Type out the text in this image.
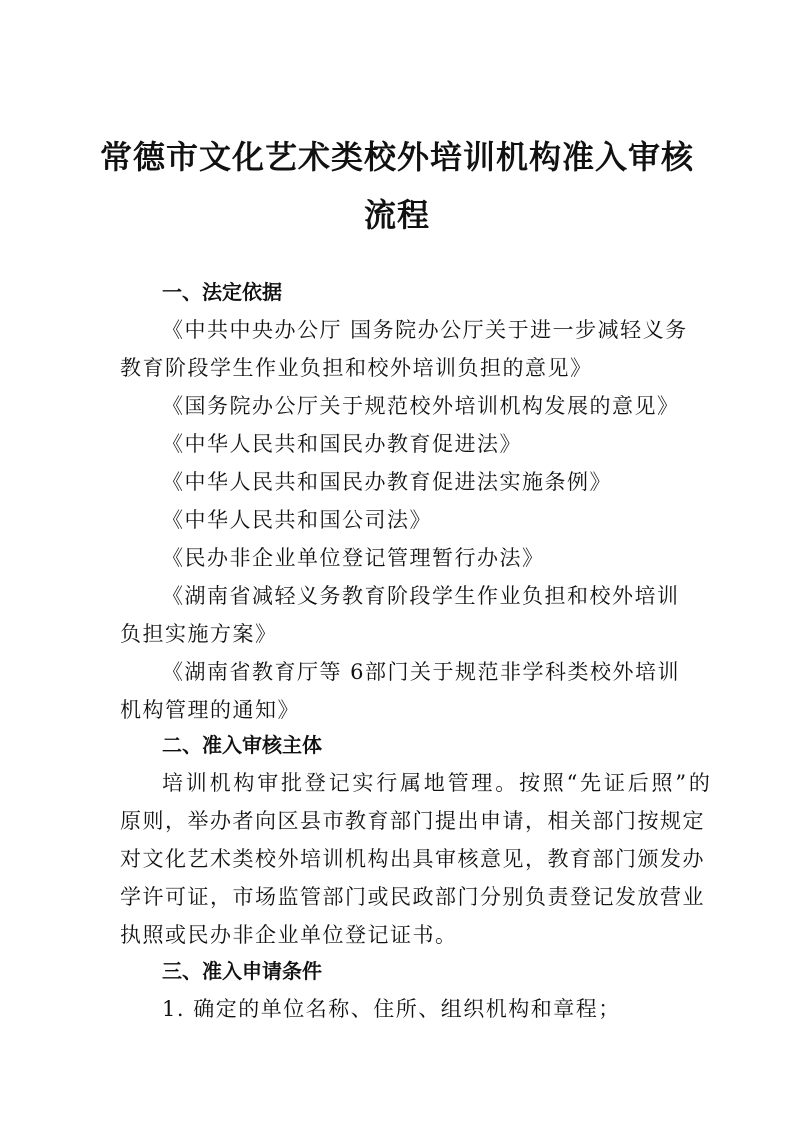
常德市文化艺术类校外培训机构准入审核
流程
一、法定依据
《中共中央办公厅 国务院办公厅关于进一步减轻义务
教育阶段学生作业负担和校外培训负担的意见》
《国务院办公厅关于规范校外培训机构发展的意见》
《中华人民共和国民办教育促进法》
《中华人民共和国民办教育促进法实施条例》
《中华人民共和国公司法》
《民办非企业单位登记管理暂行办法》
《湖南省减轻义务教育阶段学生作业负担和校外培训
负担实施方案》
《湖南省教育厅等 6部门关于规范非学科类校外培训
机构管理的通知》
二、准入审核主体
培训机构审批登记实行属地管理。按照“先证后照”的
原则，举办者向区县市教育部门提出申请，相关部门按规定
对文化艺术类校外培训机构出具审核意见，教育部门颁发办
学许可证，市场监管部门或民政部门分别负责登记发放营业
执照或民办非企业单位登记证书。
三、准入申请条件
1. 确定的单位名称、住所、组织机构和章程；
